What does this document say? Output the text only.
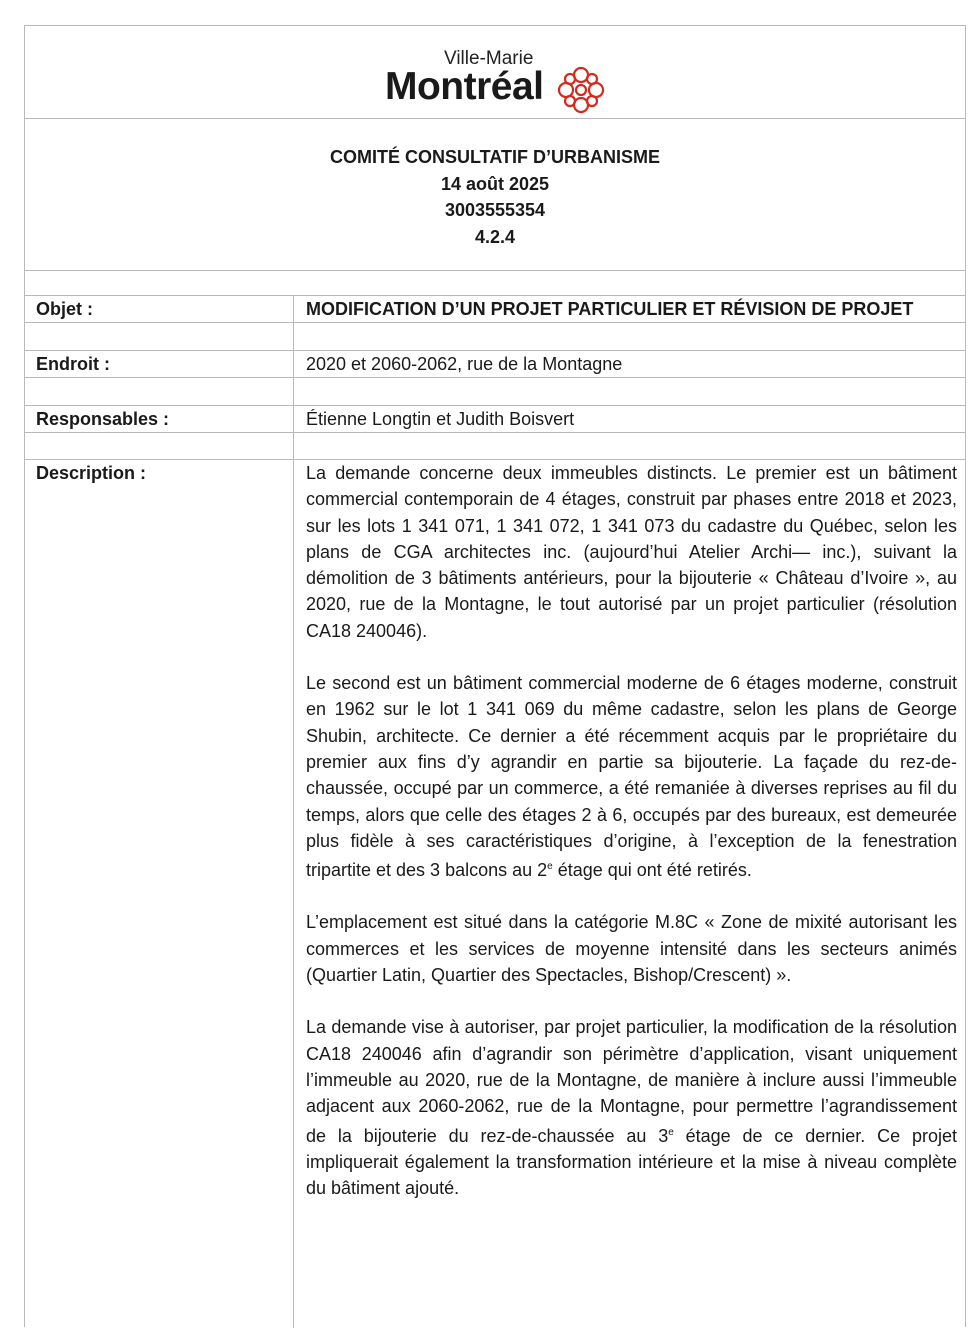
Ville-Marie
Montréal
COMITÉ CONSULTATIF D’URBANISME
14 août 2025
3003555354
4.2.4
Objet :	MODIFICATION D’UN PROJET PARTICULIER ET RÉVISION DE PROJET
Endroit :	2020 et 2060-2062, rue de la Montagne
Responsables :	Étienne Longtin et Judith Boisvert
Description :	La demande concerne deux immeubles distincts. Le premier est un bâtiment commercial contemporain de 4 étages, construit par phases entre 2018 et 2023, sur les lots 1 341 071, 1 341 072, 1 341 073 du cadastre du Québec, selon les plans de CGA architectes inc. (aujourd’hui Atelier Archi— inc.), suivant la démolition de 3 bâtiments antérieurs, pour la bijouterie « Château d’Ivoire », au 2020, rue de la Montagne, le tout autorisé par un projet particulier (résolution CA18 240046).

Le second est un bâtiment commercial moderne de 6 étages moderne, construit en 1962 sur le lot 1 341 069 du même cadastre, selon les plans de George Shubin, architecte. Ce dernier a été récemment acquis par le propriétaire du premier aux fins d’y agrandir en partie sa bijouterie. La façade du rez-de-chaussée, occupé par un commerce, a été remaniée à diverses reprises au fil du temps, alors que celle des étages 2 à 6, occupés par des bureaux, est demeurée plus fidèle à ses caractéristiques d’origine, à l’exception de la fenestration tripartite et des 3 balcons au 2e étage qui ont été retirés.

L’emplacement est situé dans la catégorie M.8C « Zone de mixité autorisant les commerces et les services de moyenne intensité dans les secteurs animés (Quartier Latin, Quartier des Spectacles, Bishop/Crescent) ».

La demande vise à autoriser, par projet particulier, la modification de la résolution CA18 240046 afin d’agrandir son périmètre d’application, visant uniquement l’immeuble au 2020, rue de la Montagne, de manière à inclure aussi l’immeuble adjacent aux 2060-2062, rue de la Montagne, pour permettre l’agrandissement de la bijouterie du rez-de-chaussée au 3e étage de ce dernier. Ce projet impliquerait également la transformation intérieure et la mise à niveau complète du bâtiment ajouté.
